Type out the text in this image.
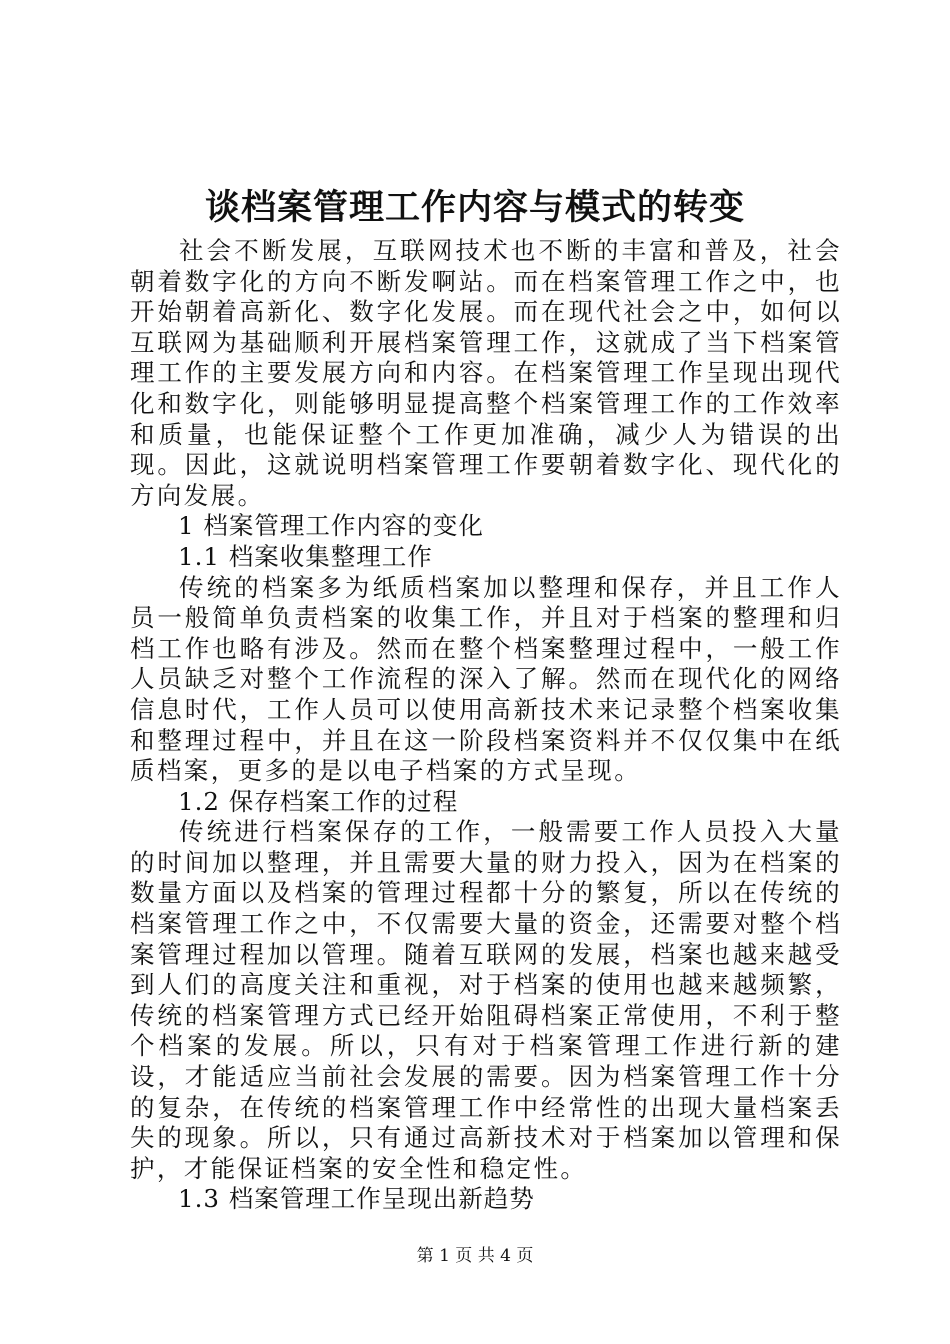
谈档案管理工作内容与模式的转变

社会不断发展，互联网技术也不断的丰富和普及，社会朝着数字化的方向不断发啊站。而在档案管理工作之中，也开始朝着高新化、数字化发展。而在现代社会之中，如何以互联网为基础顺利开展档案管理工作，这就成了当下档案管理工作的主要发展方向和内容。在档案管理工作呈现出现代化和数字化，则能够明显提高整个档案管理工作的工作效率和质量，也能保证整个工作更加准确，减少人为错误的出现。因此，这就说明档案管理工作要朝着数字化、现代化的方向发展。

1 档案管理工作内容的变化

1.1 档案收集整理工作

传统的档案多为纸质档案加以整理和保存，并且工作人员一般简单负责档案的收集工作，并且对于档案的整理和归档工作也略有涉及。然而在整个档案整理过程中，一般工作人员缺乏对整个工作流程的深入了解。然而在现代化的网络信息时代，工作人员可以使用高新技术来记录整个档案收集和整理过程中，并且在这一阶段档案资料并不仅仅集中在纸质档案，更多的是以电子档案的方式呈现。

1.2 保存档案工作的过程

传统进行档案保存的工作，一般需要工作人员投入大量的时间加以整理，并且需要大量的财力投入，因为在档案的数量方面以及档案的管理过程都十分的繁复，所以在传统的档案管理工作之中，不仅需要大量的资金，还需要对整个档案管理过程加以管理。随着互联网的发展，档案也越来越受到人们的高度关注和重视，对于档案的使用也越来越频繁，传统的档案管理方式已经开始阻碍档案正常使用，不利于整个档案的发展。所以，只有对于档案管理工作进行新的建设，才能适应当前社会发展的需要。因为档案管理工作十分的复杂，在传统的档案管理工作中经常性的出现大量档案丢失的现象。所以，只有通过高新技术对于档案加以管理和保护，才能保证档案的安全性和稳定性。

1.3 档案管理工作呈现出新趋势

第 1 页 共 4 页
